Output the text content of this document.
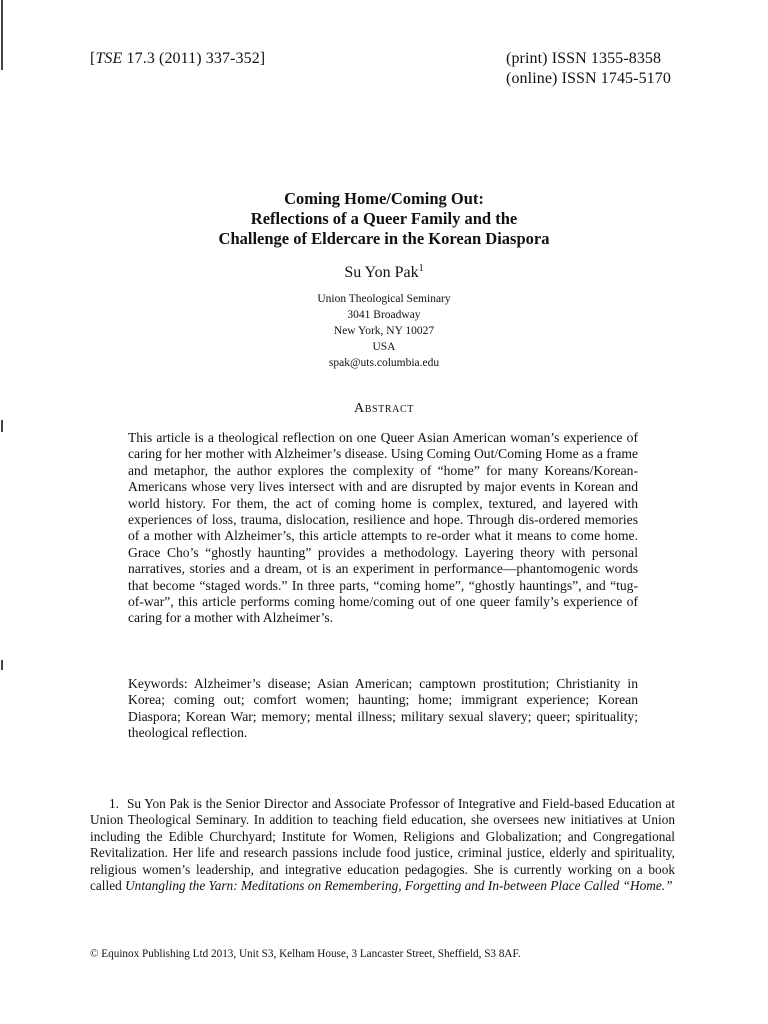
[TSE 17.3 (2011) 337-352]	(print) ISSN 1355-8358
(online) ISSN 1745-5170
Coming Home/Coming Out:
Reflections of a Queer Family and the
Challenge of Eldercare in the Korean Diaspora
Su Yon Pak$^1$
Union Theological Seminary
3041 Broadway
New York, NY 10027
USA
spak@uts.columbia.edu
Abstract

This article is a theological reflection on one Queer Asian American woman’s experience of caring for her mother with Alzheimer’s disease. Using Coming Out/Coming Home as a frame and metaphor, the author explores the complexity of “home” for many Koreans/Korean-Americans whose very lives intersect with and are disrupted by major events in Korean and world history. For them, the act of coming home is complex, textured, and layered with experiences of loss, trauma, dislocation, resilience and hope. Through dis-ordered memories of a mother with Alzheimer’s, this article attempts to re-order what it means to come home. Grace Cho’s “ghostly haunting” provides a methodology. Layering theory with personal narratives, stories and a dream, ot is an experiment in performance—phantomogenic words that become “staged words.” In three parts, “coming home”, “ghostly hauntings”, and “tug-of-war”, this article performs coming home/coming out of one queer family’s experience of caring for a mother with Alzheimer’s.

Keywords: Alzheimer’s disease; Asian American; camptown prostitution; Christianity in Korea; coming out; comfort women; haunting; home; immigrant experience; Korean Diaspora; Korean War; memory; mental illness; military sexual slavery; queer; spirituality; theological reflection.

1. Su Yon Pak is the Senior Director and Associate Professor of Integrative and Field-based Education at Union Theological Seminary. In addition to teaching field education, she oversees new initiatives at Union including the Edible Churchyard; Institute for Women, Religions and Globalization; and Congregational Revitalization. Her life and research passions include food justice, criminal justice, elderly and spirituality, religious women’s leadership, and integrative education pedagogies. She is currently working on a book called Untangling the Yarn: Meditations on Remembering, Forgetting and In-between Place Called “Home.”

© Equinox Publishing Ltd 2013, Unit S3, Kelham House, 3 Lancaster Street, Sheffield, S3 8AF.
